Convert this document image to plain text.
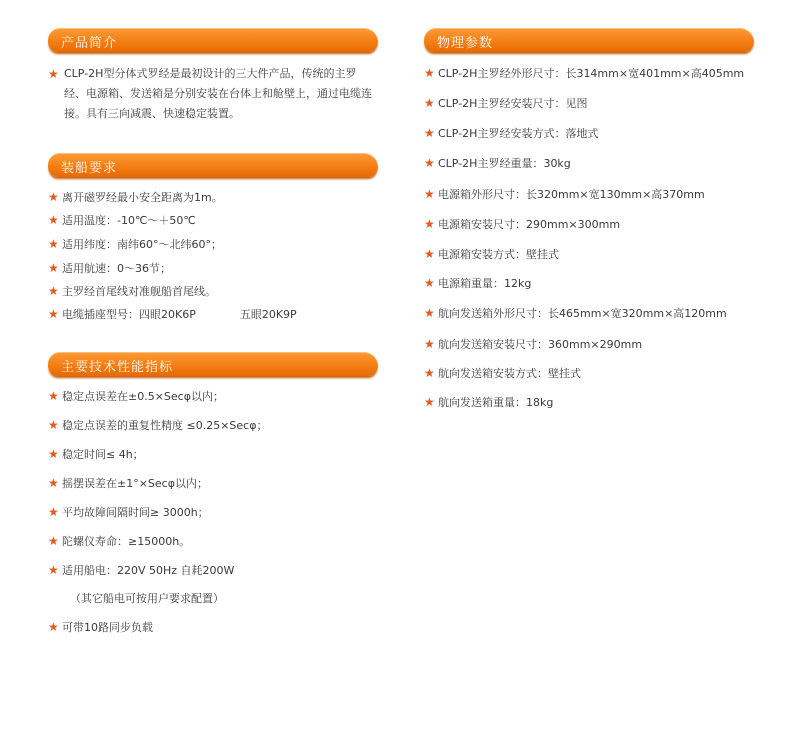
产品简介
★ CLP-2H型分体式罗经是最初设计的三大件产品，传统的主罗经、电源箱、发送箱是分别安装在台体上和舱壁上，通过电缆连接。具有三向减震、快速稳定装置。
装船要求
★ 离开磁罗经最小安全距离为1m。
★ 适用温度：-10℃～＋50℃
★ 适用纬度：南纬60°～北纬60°；
★ 适用航速：0～36节；
★ 主罗经首尾线对准舰船首尾线。
★ 电缆插座型号：四眼20K6P	五眼20K9P
主要技术性能指标
★ 稳定点误差在±0.5×Secφ以内；
★ 稳定点误差的重复性精度 ≤0.25×Secφ；
★ 稳定时间≤ 4h；
★ 摇摆误差在±1°×Secφ以内；
★ 平均故障间隔时间≥ 3000h；
★ 陀螺仪寿命：≥15000h。
★ 适用船电：220V 50Hz 自耗200W
（其它船电可按用户要求配置）
★ 可带10路同步负载
物理参数
★ CLP-2H主罗经外形尺寸：长314mm×宽401mm×高405mm
★ CLP-2H主罗经安装尺寸：见图
★ CLP-2H主罗经安装方式：落地式
★ CLP-2H主罗经重量：30kg
★ 电源箱外形尺寸：长320mm×宽130mm×高370mm
★ 电源箱安装尺寸：290mm×300mm
★ 电源箱安装方式：壁挂式
★ 电源箱重量：12kg
★ 航向发送箱外形尺寸：长465mm×宽320mm×高120mm
★ 航向发送箱安装尺寸：360mm×290mm
★ 航向发送箱安装方式：壁挂式
★ 航向发送箱重量：18kg
